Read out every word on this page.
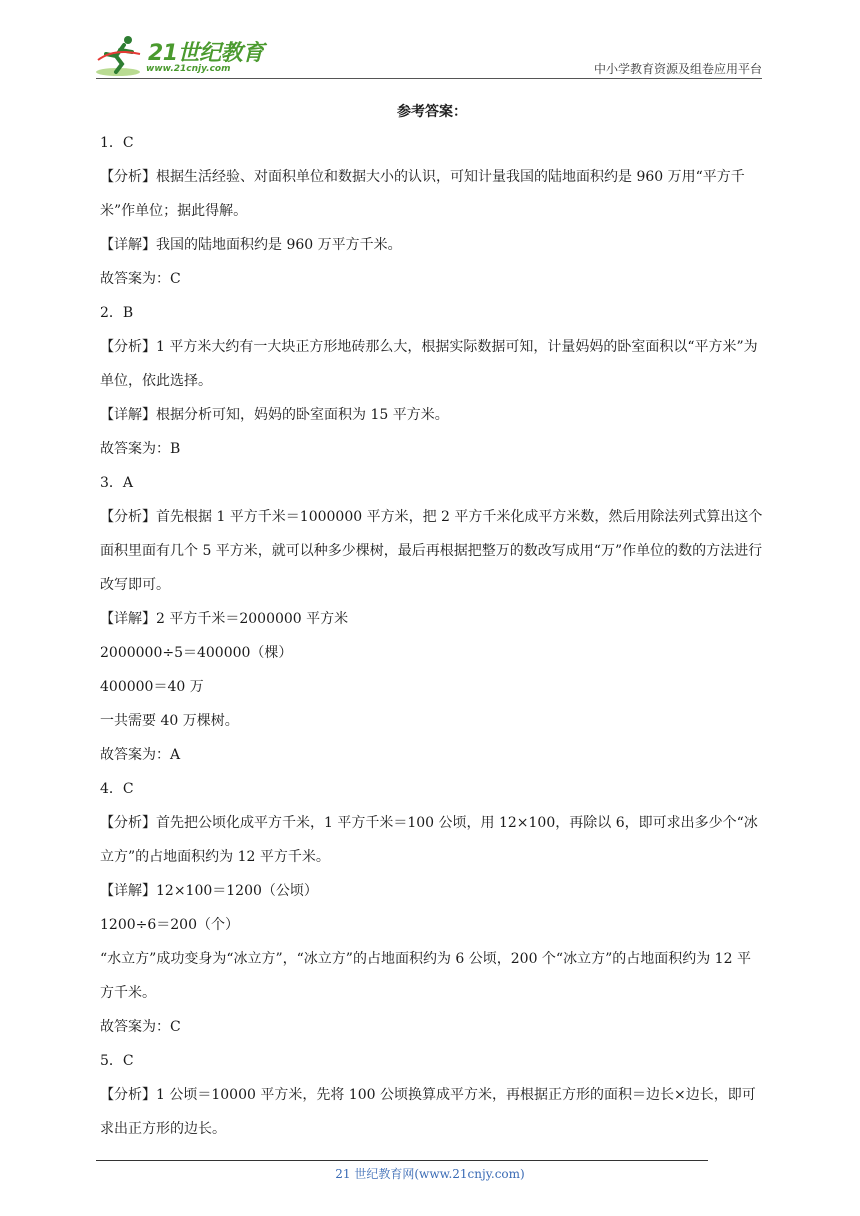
21世纪教育
www.21cnjy.com	中小学教育资源及组卷应用平台
参考答案：

1．C

【分析】根据生活经验、对面积单位和数据大小的认识，可知计量我国的陆地面积约是 960 万用“平方千米”作单位；据此得解。

【详解】我国的陆地面积约是 960 万平方千米。

故答案为：C

2．B

【分析】1 平方米大约有一大块正方形地砖那么大，根据实际数据可知，计量妈妈的卧室面积以“平方米”为单位，依此选择。

【详解】根据分析可知，妈妈的卧室面积为 15 平方米。

故答案为：B

3．A

【分析】首先根据 1 平方千米＝1000000 平方米，把 2 平方千米化成平方米数，然后用除法列式算出这个面积里面有几个 5 平方米，就可以种多少棵树，最后再根据把整万的数改写成用“万”作单位的数的方法进行改写即可。

【详解】2 平方千米＝2000000 平方米

2000000÷5＝400000（棵）

400000＝40 万

一共需要 40 万棵树。

故答案为：A

4．C

【分析】首先把公顷化成平方千米，1 平方千米＝100 公顷，用 12×100，再除以 6，即可求出多少个“冰立方”的占地面积约为 12 平方千米。

【详解】12×100＝1200（公顷）

1200÷6＝200（个）

“水立方”成功变身为“冰立方”，“冰立方”的占地面积约为 6 公顷，200 个“冰立方”的占地面积约为 12 平方千米。

故答案为：C

5．C

【分析】1 公顷＝10000 平方米，先将 100 公顷换算成平方米，再根据正方形的面积＝边长×边长，即可求出正方形的边长。

21 世纪教育网(www.21cnjy.com)
